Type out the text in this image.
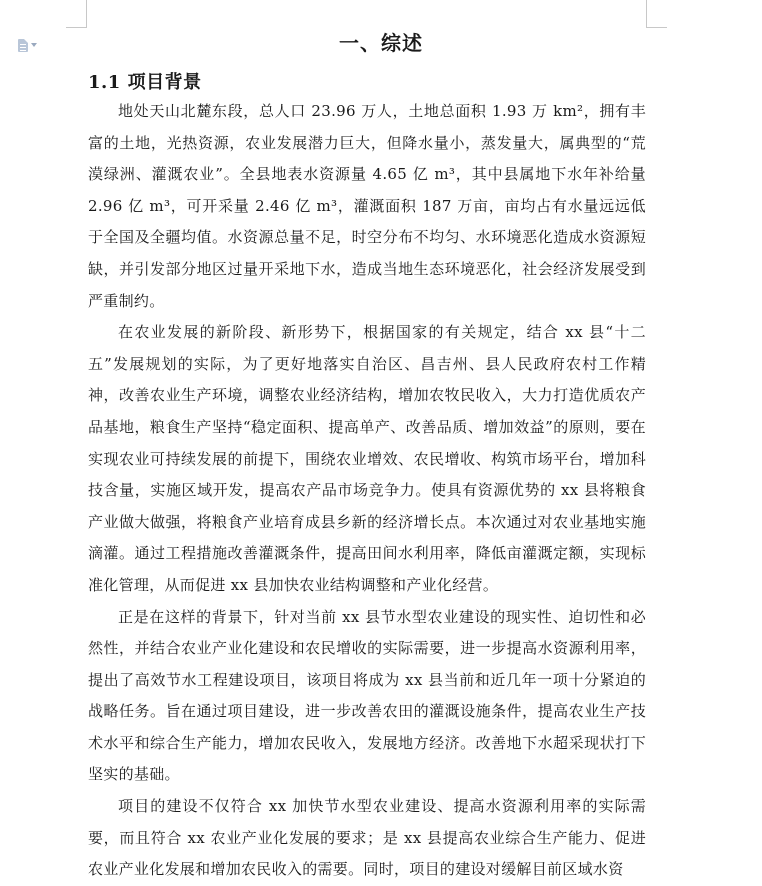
一、综述
1.1 项目背景

地处天山北麓东段，总人口 23.96 万人，土地总面积 1.93 万 km²，拥有丰富的土地，光热资源，农业发展潜力巨大，但降水量小，蒸发量大，属典型的“荒漠绿洲、灌溉农业”。全县地表水资源量 4.65 亿 m³，其中县属地下水年补给量 2.96 亿 m³，可开采量 2.46 亿 m³，灌溉面积 187 万亩，亩均占有水量远远低于全国及全疆均值。水资源总量不足，时空分布不均匀、水环境恶化造成水资源短缺，并引发部分地区过量开采地下水，造成当地生态环境恶化，社会经济发展受到严重制约。

在农业发展的新阶段、新形势下，根据国家的有关规定，结合 xx 县“十二五”发展规划的实际，为了更好地落实自治区、昌吉州、县人民政府农村工作精神，改善农业生产环境，调整农业经济结构，增加农牧民收入，大力打造优质农产品基地，粮食生产坚持“稳定面积、提高单产、改善品质、增加效益”的原则，要在实现农业可持续发展的前提下，围绕农业增效、农民增收、构筑市场平台，增加科技含量，实施区域开发，提高农产品市场竞争力。使具有资源优势的 xx 县将粮食产业做大做强，将粮食产业培育成县乡新的经济增长点。本次通过对农业基地实施滴灌。通过工程措施改善灌溉条件，提高田间水利用率，降低亩灌溉定额，实现标准化管理，从而促进 xx 县加快农业结构调整和产业化经营。

正是在这样的背景下，针对当前 xx 县节水型农业建设的现实性、迫切性和必然性，并结合农业产业化建设和农民增收的实际需要，进一步提高水资源利用率，提出了高效节水工程建设项目，该项目将成为 xx 县当前和近几年一项十分紧迫的战略任务。旨在通过项目建设，进一步改善农田的灌溉设施条件，提高农业生产技术水平和综合生产能力，增加农民收入，发展地方经济。改善地下水超采现状打下坚实的基础。

项目的建设不仅符合 xx 加快节水型农业建设、提高水资源利用率的实际需要，而且符合 xx 农业产业化发展的要求；是 xx 县提高农业综合生产能力、促进农业产业化发展和增加农民收入的需要。同时，项目的建设对缓解目前区域水资
